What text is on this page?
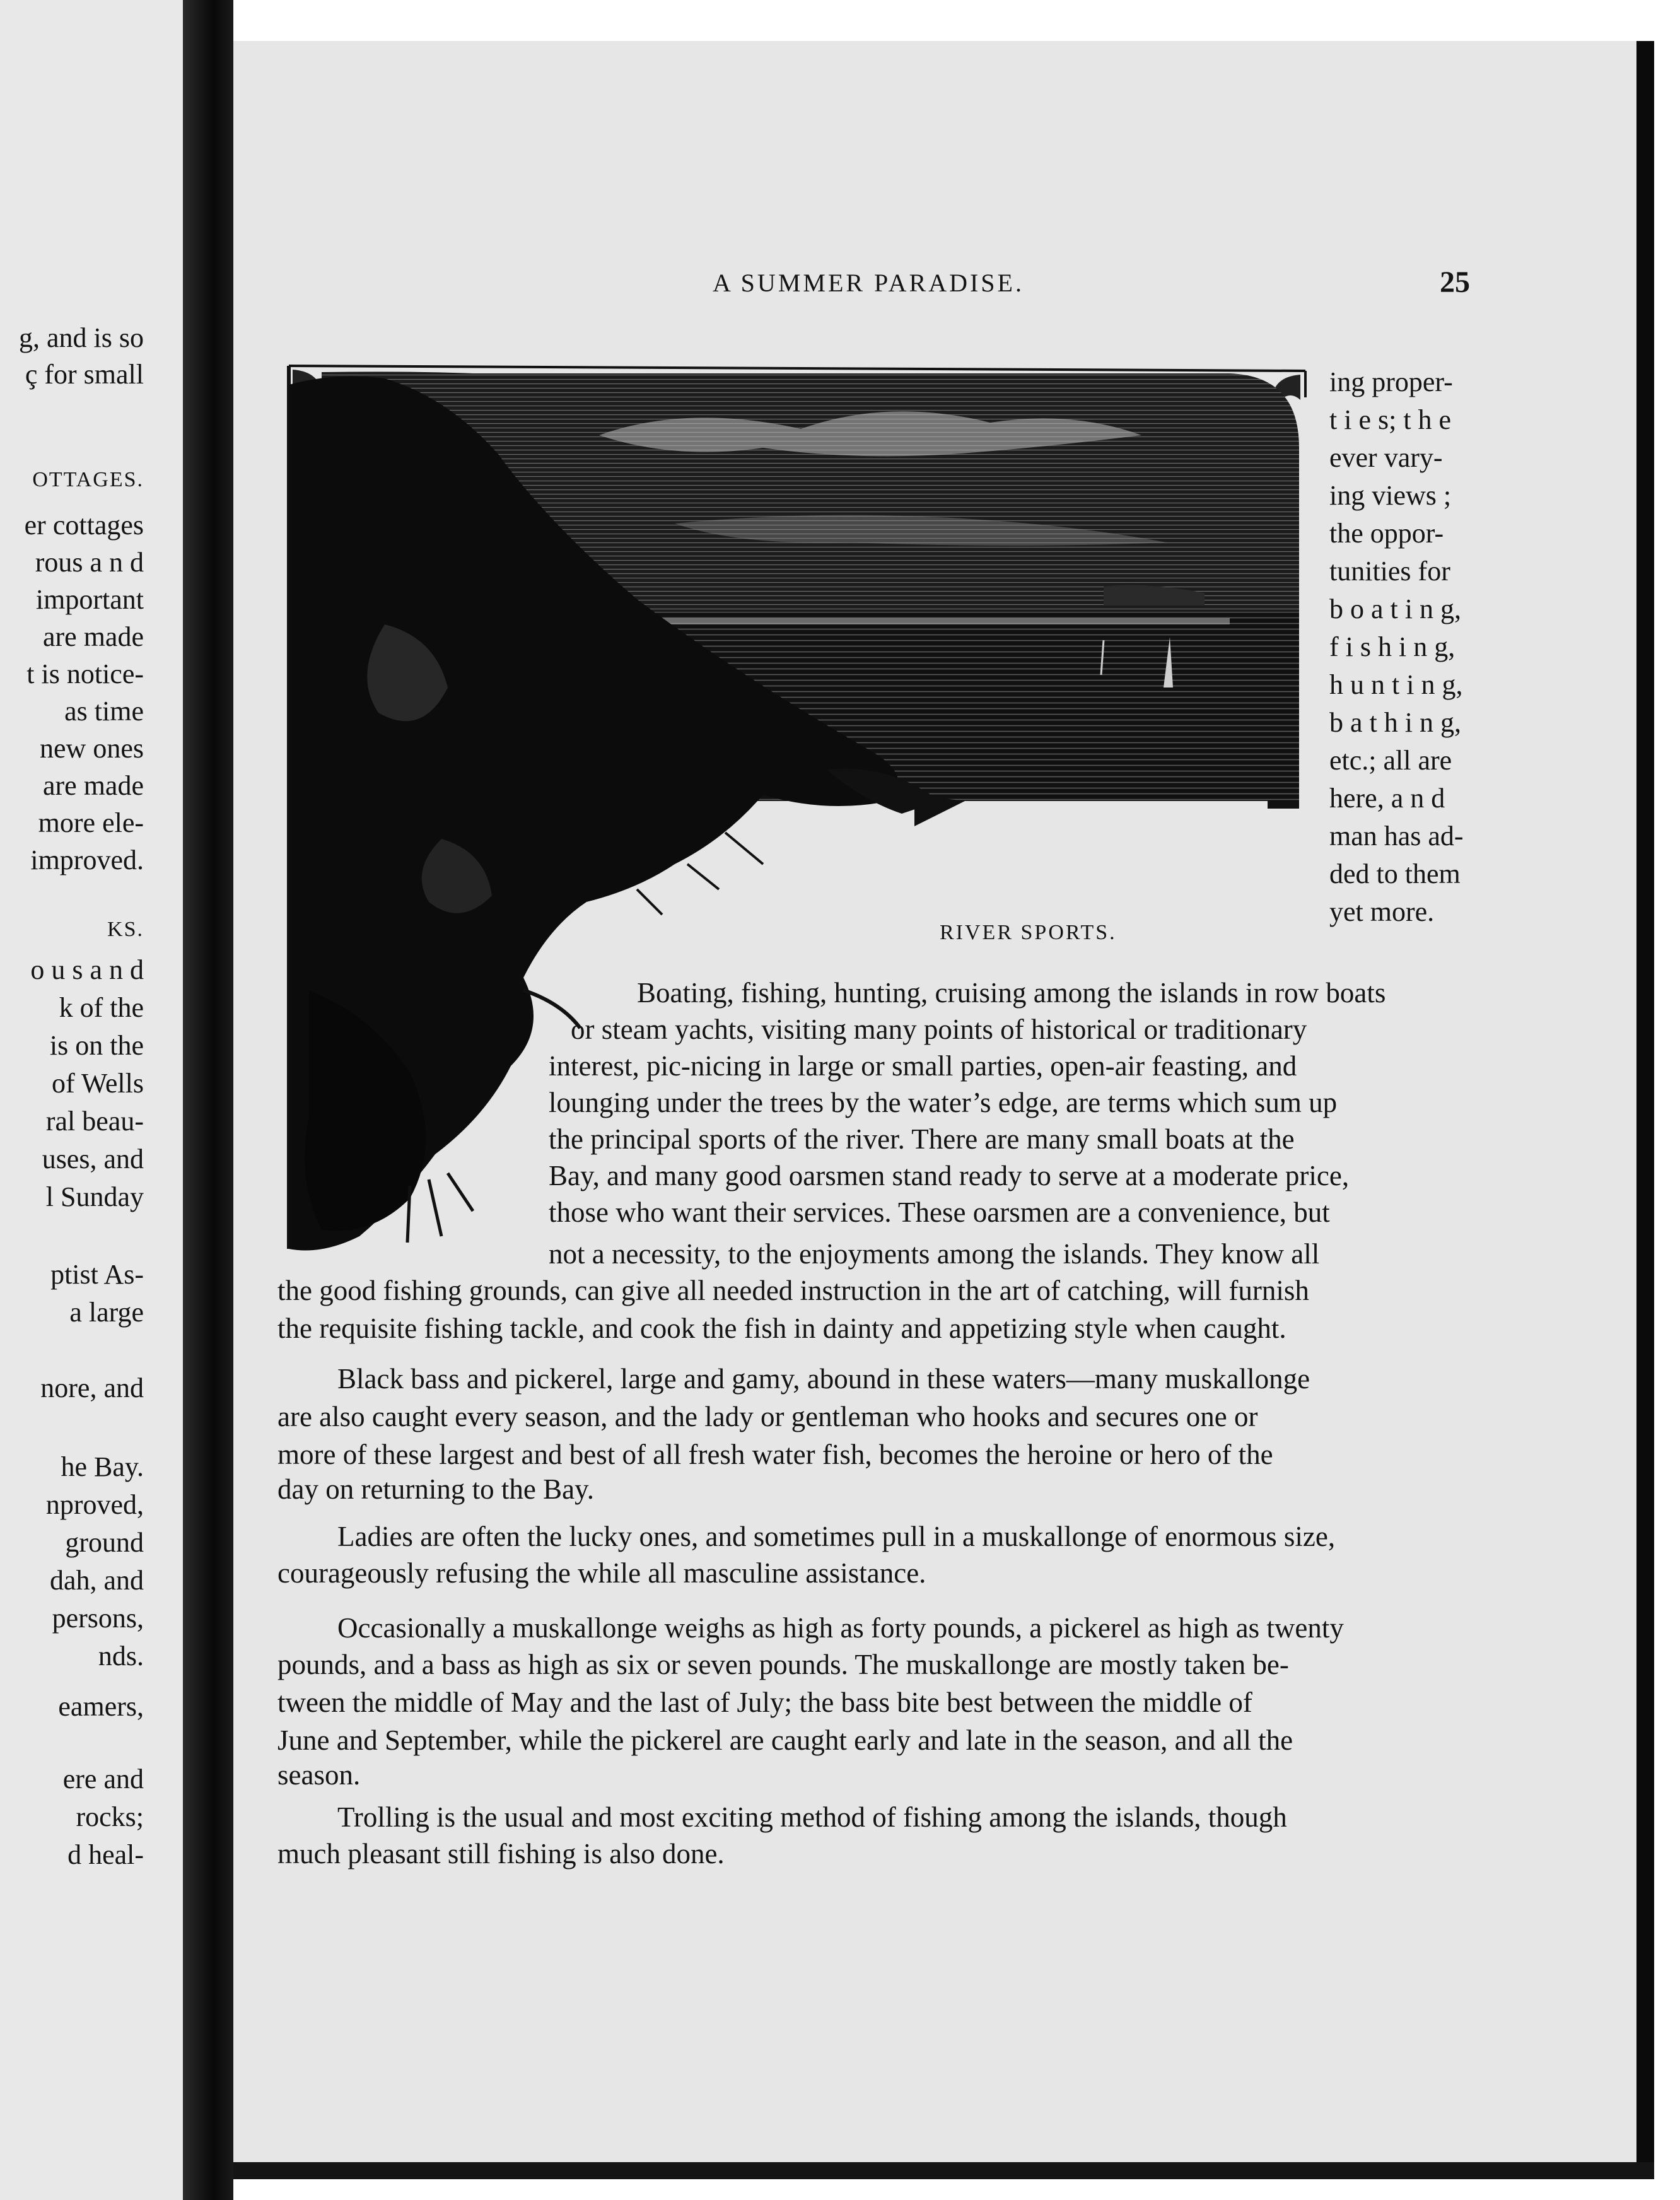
g, and is so
ç for small
OTTAGES.
er cottages
rous a n d
important
are made
t is notice-
as time
new ones
are made
more ele-
improved.
KS.
o u s a n d
k of the
is on the
of Wells
ral beau-
uses, and
l Sunday
ptist As-
a large
nore, and
he Bay.
nproved,
ground
dah, and
persons,
nds.
eamers,
ere and
rocks;
d heal-
A SUMMER PARADISE.	25
ing proper-
t i e s; t h e
ever vary-
ing views ;
the oppor-
tunities for
b o a t i n g,
f i s h i n g,
h u n t i n g,
b a t h i n g,
etc.; all are
here, a n d
man has ad-
ded to them
yet more.
RIVER SPORTS.
Boating, fishing, hunting, cruising among the islands in row boats
or steam yachts, visiting many points of historical or traditionary
interest, pic-nicing in large or small parties, open-air feasting, and
lounging under the trees by the water’s edge, are terms which sum up
the principal sports of the river. There are many small boats at the
Bay, and many good oarsmen stand ready to serve at a moderate price,
those who want their services. These oarsmen are a convenience, but
not a necessity, to the enjoyments among the islands. They know all
the good fishing grounds, can give all needed instruction in the art of catching, will furnish
the requisite fishing tackle, and cook the fish in dainty and appetizing style when caught.
Black bass and pickerel, large and gamy, abound in these waters—many muskallonge
are also caught every season, and the lady or gentleman who hooks and secures one or
more of these largest and best of all fresh water fish, becomes the heroine or hero of the
day on returning to the Bay.
Ladies are often the lucky ones, and sometimes pull in a muskallonge of enormous size,
courageously refusing the while all masculine assistance.
Occasionally a muskallonge weighs as high as forty pounds, a pickerel as high as twenty
pounds, and a bass as high as six or seven pounds. The muskallonge are mostly taken be-
tween the middle of May and the last of July; the bass bite best between the middle of
June and September, while the pickerel are caught early and late in the season, and all the
season.
Trolling is the usual and most exciting method of fishing among the islands, though
much pleasant still fishing is also done.
